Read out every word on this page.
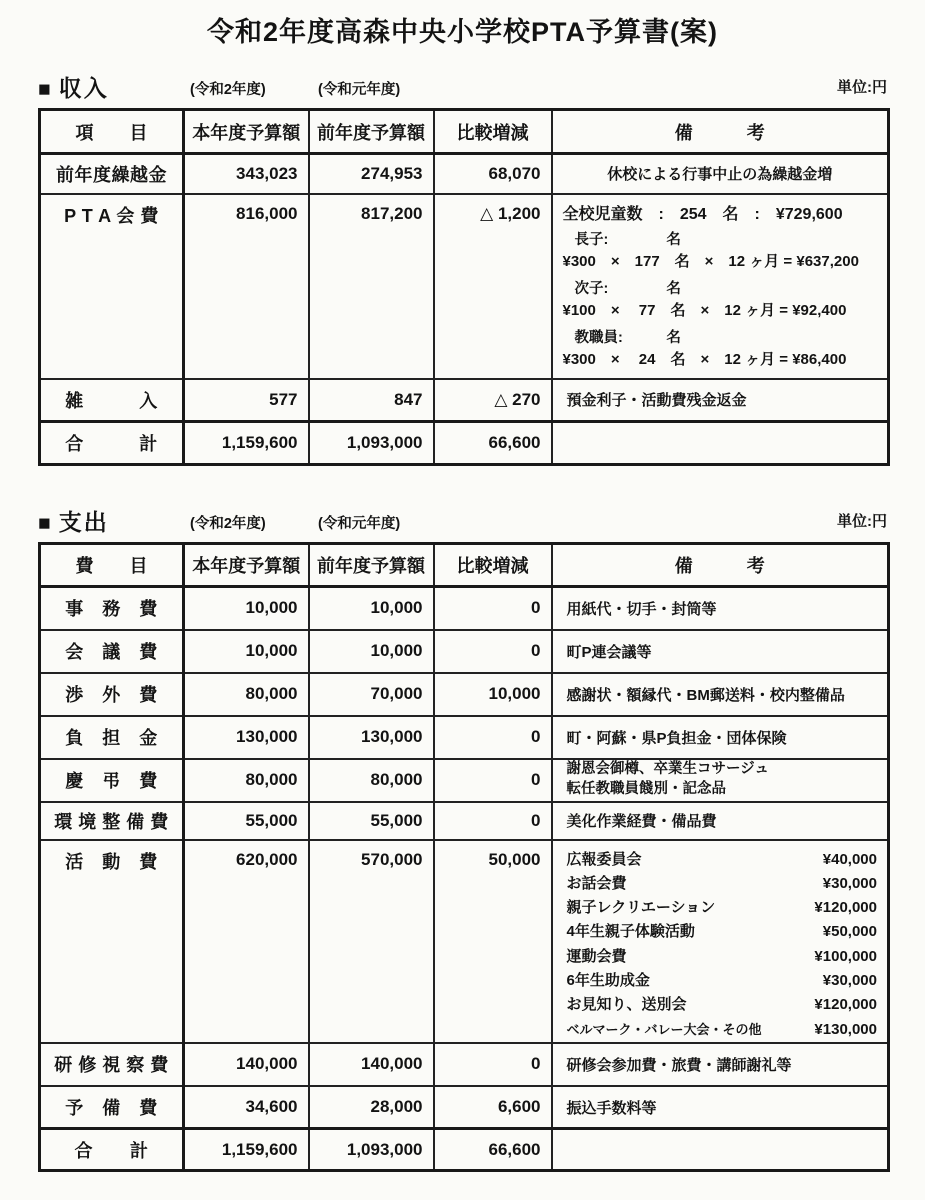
令和2年度高森中央小学校PTA予算書(案)
■ 収入	(令和2年度)	(令和元年度)	単位:円
項　　目	本年度予算額	前年度予算額	比較増減	備　　　考
前年度繰越金	343,023	274,953	68,070	休校による行事中止の為繰越金増
P T A 会 費	816,000	817,200	△ 1,200	全校児童数　:　254　名　:　¥729,600
長子:　　　　名
¥300　×　177　名　×　12 ヶ月 = ¥637,200
次子:　　　　名
¥100　×　 77　名　×　12 ヶ月 = ¥92,400
教職員:　　　名
¥300　×　 24　名　×　12 ヶ月 = ¥86,400

雑　　　入	577	847	△ 270	預金利子・活動費残金返金
合　　　計	1,159,600	1,093,000	66,600	
■ 支出	(令和2年度)	(令和元年度)	単位:円
費　　目	本年度予算額	前年度予算額	比較増減	備　　　考
事　務　費	10,000	10,000	0	用紙代・切手・封筒等
会　議　費	10,000	10,000	0	町P連会議等
渉　外　費	80,000	70,000	10,000	感謝状・額縁代・BM郵送料・校内整備品
負　担　金	130,000	130,000	0	町・阿蘇・県P負担金・団体保険
慶　弔　費	80,000	80,000	0	謝恩会御樽、卒業生コサージュ
転任教職員餞別・記念品

環 境 整 備 費	55,000	55,000	0	美化作業経費・備品費
活　動　費	620,000	570,000	50,000	広報委員会	¥40,000
お話会費	¥30,000
親子レクリエーション	¥120,000
4年生親子体験活動	¥50,000
運動会費	¥100,000
6年生助成金	¥30,000
お見知り、送別会	¥120,000
ベルマーク・バレー大会・その他	¥130,000

研 修 視 察 費	140,000	140,000	0	研修会参加費・旅費・講師謝礼等
予　備　費	34,600	28,000	6,600	振込手数料等
合　　計	1,159,600	1,093,000	66,600	
